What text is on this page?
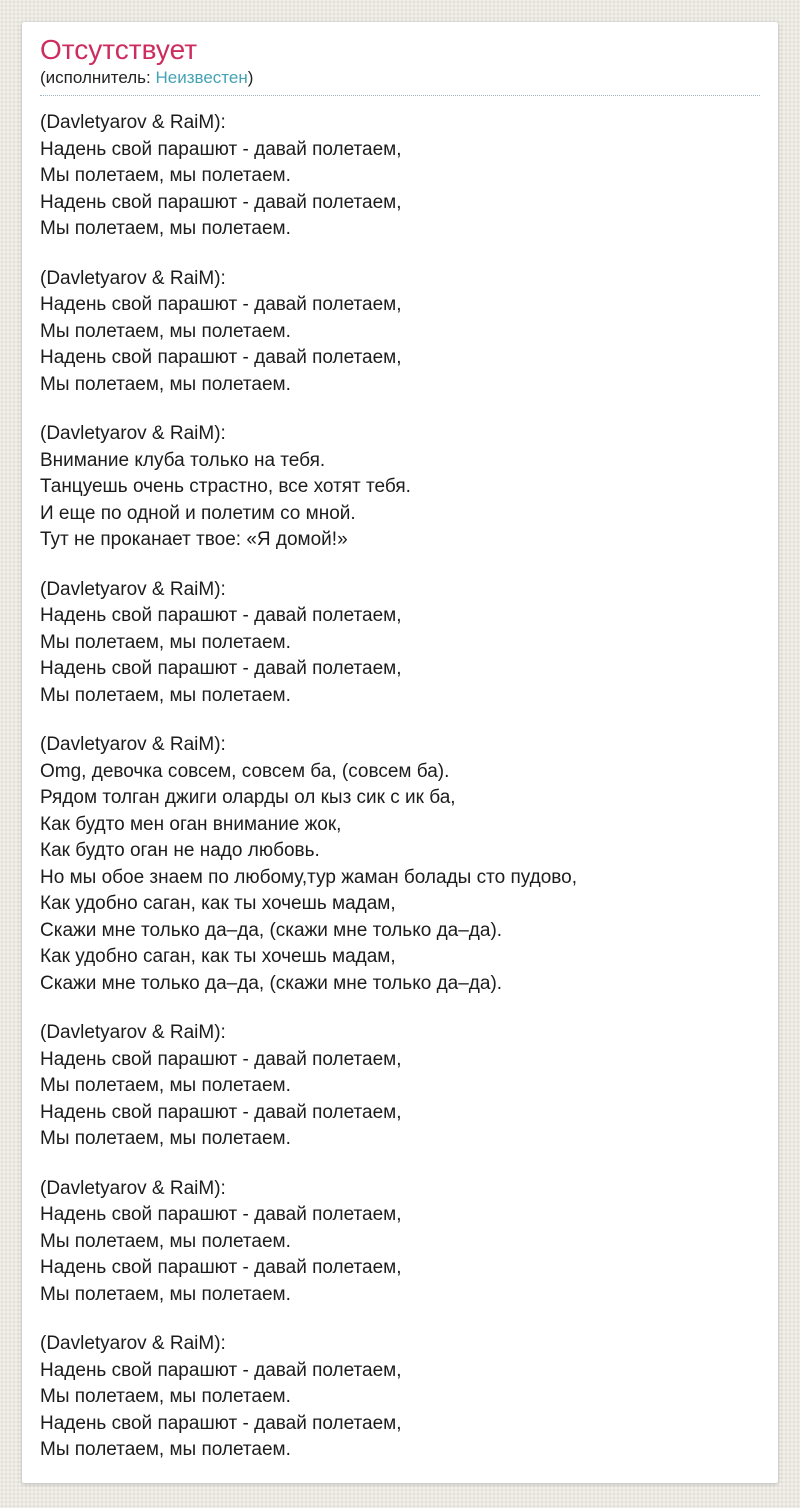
Отсутствует
(исполнитель: Неизвестен)
(Davletyarov & RaiM):
Надень свой парашют - давай полетаем,
Мы полетаем, мы полетаем.
Надень свой парашют - давай полетаем,
Мы полетаем, мы полетаем.
(Davletyarov & RaiM):
Надень свой парашют - давай полетаем,
Мы полетаем, мы полетаем.
Надень свой парашют - давай полетаем,
Мы полетаем, мы полетаем.
(Davletyarov & RaiM):
Внимание клуба только на тебя.
Танцуешь очень страстно, все хотят тебя.
И еще по одной и полетим со мной.
Тут не проканает твое: «Я домой!»
(Davletyarov & RaiM):
Надень свой парашют - давай полетаем,
Мы полетаем, мы полетаем.
Надень свой парашют - давай полетаем,
Мы полетаем, мы полетаем.
(Davletyarov & RaiM):
Omg, девочка совсем, совсем ба, (совсем ба).
Рядом толган джиги оларды ол кыз сик с ик ба,
Как будто мен оган внимание жок,
Как будто оган не надо любовь.
Но мы обое знаем по любому,тур жаман болады сто пудово,
Как удобно саган, как ты хочешь мадам,
Скажи мне только да–да, (скажи мне только да–да).
Как удобно саган, как ты хочешь мадам,
Скажи мне только да–да, (скажи мне только да–да).
(Davletyarov & RaiM):
Надень свой парашют - давай полетаем,
Мы полетаем, мы полетаем.
Надень свой парашют - давай полетаем,
Мы полетаем, мы полетаем.
(Davletyarov & RaiM):
Надень свой парашют - давай полетаем,
Мы полетаем, мы полетаем.
Надень свой парашют - давай полетаем,
Мы полетаем, мы полетаем.
(Davletyarov & RaiM):
Надень свой парашют - давай полетаем,
Мы полетаем, мы полетаем.
Надень свой парашют - давай полетаем,
Мы полетаем, мы полетаем.
